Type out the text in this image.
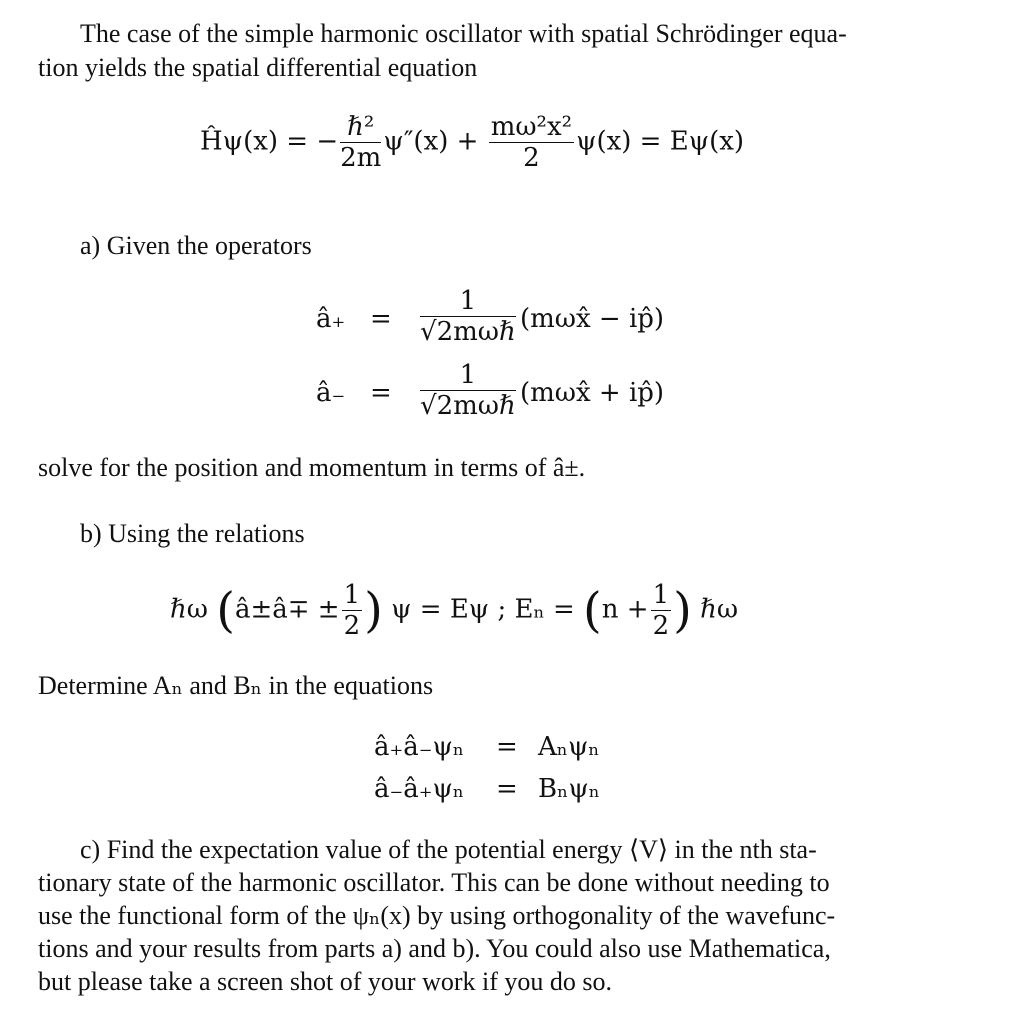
The case of the simple harmonic oscillator with spatial Schrödinger equa-
tion yields the spatial differential equation
Ĥψ(x) = − $\frac{\text{ℏ²}}{2m} \psi''(x) + \frac{\text{mω²x²}}{2} \psi(x) = E\psi(x)$
a) Given the operators
â₊ = $\frac{1}{\text{√2mωℏ}}$ (mωx̂ − ip̂)
â₋ = $\frac{1}{\text{√2mωℏ}}$ (mωx̂ + ip̂)
solve for the position and momentum in terms of â±.
b) Using the relations
ℏω (â±â∓ ± $\frac{1}{2}$ ) ψ = Eψ ; $E_n = (n + \frac{1}{2}$ ) ℏω
Determine Aₙ and Bₙ in the equations
â₊â₋ψₙ = Aₙψₙ
â₋â₊ψₙ = Bₙψₙ
c) Find the expectation value of the potential energy ⟨V⟩ in the nth sta-
tionary state of the harmonic oscillator. This can be done without needing to
use the functional form of the ψₙ(x) by using orthogonality of the wavefunc-
tions and your results from parts a) and b). You could also use Mathematica,
but please take a screen shot of your work if you do so.
